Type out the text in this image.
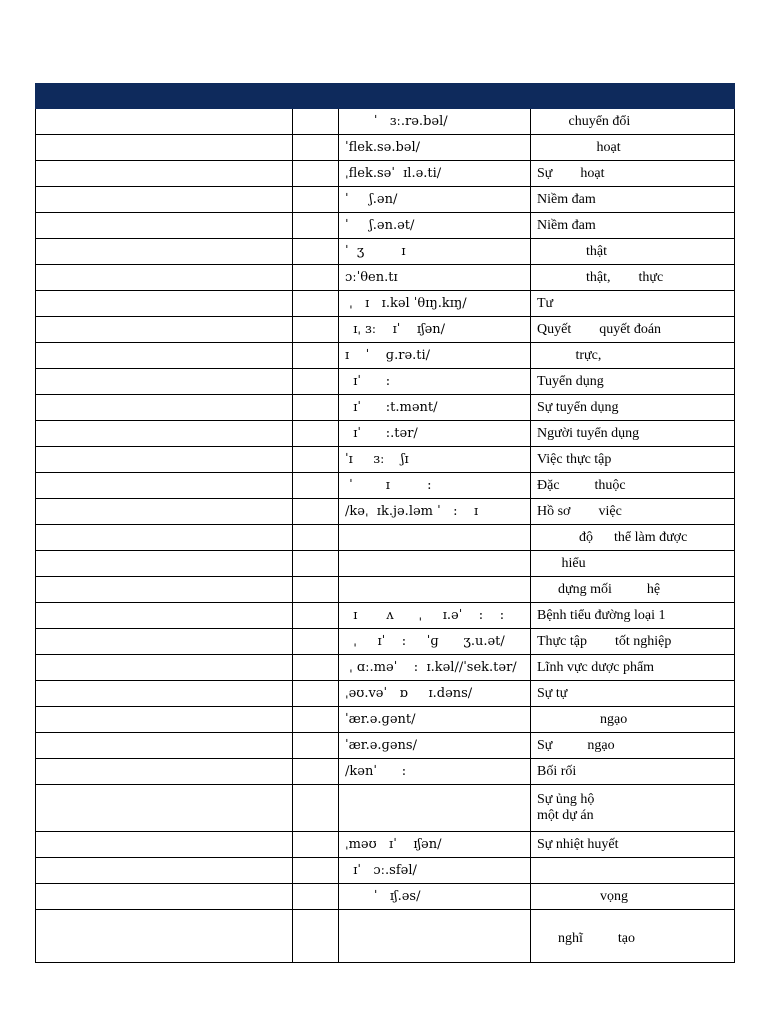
		ˈ   ɜː.rə.bəl/	chuyển đổi

		ˈflek.sə.bəl/	hoạt

		ˌflek.səˈ  ɪl.ə.ti/	Sự        hoạt

		ˈ     ʃ.ən/	Niềm đam

		ˈ     ʃ.ən.ət/	Niềm đam

		ˈ  ʒ         ɪ	thật

		ɔːˈθen.tɪ	thật,        thực

		ˌ   ɪ   ɪ.kəl ˈθɪŋ.kɪŋ/	Tư

		ɪˌ ɜː    ɪˈ    ɪʃən/	Quyết        quyết đoán

		ɪ    ˈ    ɡ.rə.ti/	trực,

		ɪˈ      :	Tuyển dụng

		ɪˈ      :t.mənt/	Sự tuyển dụng

		ɪˈ      :.tər/	Người tuyển dụng

		ˈɪ     ɜː    ʃɪ	Việc thực tập

		ˈ        ɪ         :	Đặc          thuộc

		/kəˌ  ɪk.jə.ləm ˈ   :    ɪ	Hồ sơ        việc

			độ      thể làm được

			hiểu

			dựng mối          hệ

		ɪ       ʌ      ˌ     ɪ.əˈ    :    :	Bệnh tiểu đường loại 1

		ˌ     ɪˈ    :     ˈɡ      ʒ.u.ət/	Thực tập        tốt nghiệp

		ˌ ɑː.məˈ    :  ɪ.kəl//ˈsek.tər/	Lĩnh vực dược phẩm

		ˌəʊ.vəˈ   ɒ     ɪ.dəns/	Sự tự

		ˈær.ə.ɡənt/	ngạo

		ˈær.ə.ɡəns/	Sự          ngạo

		/kənˈ      :	Bối rối

			Sự ủng hộ
một dự án

		ˌməʊ   ɪˈ    ɪʃən/	Sự nhiệt huyết

		ɪˈ   ɔː.sfəl/	

		ˈ   ɪʃ.əs/	vọng

			nghĩ          tạo
